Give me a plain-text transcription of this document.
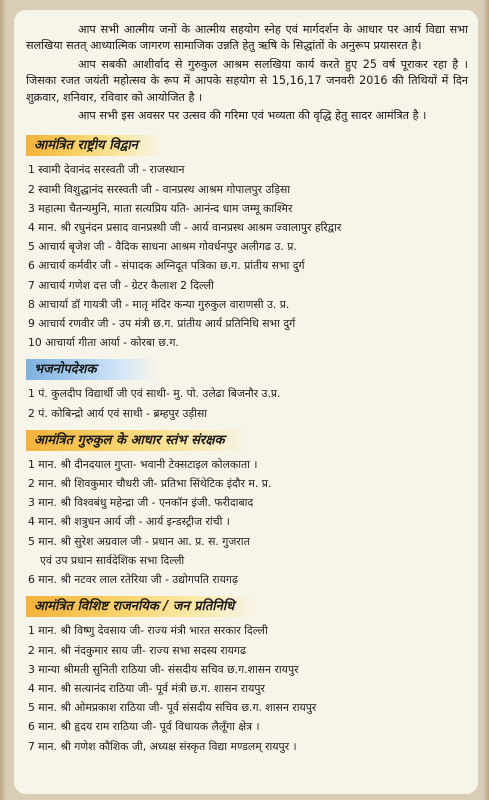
आप सभी आत्मीय जनों के आत्मीय सहयोग स्नेह एवं मार्गदर्शन के आधार पर आर्य विद्या सभा सलखिया सतत् आध्यात्मिक जागरण सामाजिक उन्नति हेतु ऋषि के सिद्धांतों के अनुरूप प्रयासरत है।

आप सबकी आशीर्वाद से गुरुकुल आश्रम सलखिया कार्य करते हुए 25 वर्ष पूराकर रहा है । जिसका रजत जयंती महोत्सव के रूप में आपके सहयोग से 15,16,17 जनवरी 2016 की तिथियों में दिन शुक्रवार, शनिवार, रविवार को आयोजित है ।

आप सभी इस अवसर पर उत्सव की गरिमा एवं भव्यता की वृद्धि हेतु सादर आमंत्रित है ।

आमंत्रित राष्ट्रीय विद्वान
1 स्वामी देवानंद सरस्वती जी - राजस्थान
2 स्वामी विशुद्धानंद सरस्वती जी - वानप्रस्थ आश्रम गोपालपुर उड़िसा
3 महात्मा चैतन्यमुनि, माता सत्यप्रिय यति- आनंन्द धाम जम्मू काश्मिर
4 मान. श्री रघुनंदन प्रसाद वानप्रस्थी जी - आर्य वानप्रस्थ आश्रम ज्वालापुर हरिद्वार
5 आचार्य बृजेश जी - वैदिक साधना आश्रम गोवर्धनपुर अलीगढ उ. प्र.
6 आचार्य कर्मवीर जी - संपादक अग्निदूत पत्रिका छ.ग. प्रांतीय सभा दुर्ग
7 आचार्य गणेश दत्त जी - ग्रेटर कैलाश 2 दिल्ली
8 आचार्या डॉ गायत्री जी - मातृ मंदिर कन्या गुरुकुल वाराणसी उ. प्र.
9 आचार्य रणवीर जी - उप मंत्री छ.ग. प्रांतीय आर्य प्रतिनिधि सभा दुर्ग
10 आचार्या गीता आर्या - कोरबा छ.ग.
भजनोपदेशक
1 पं. कुलदीप विद्यार्थी जी एवं साथी- मु. पो. उलेढा बिजनौर उ.प्र.
2 पं. कोबिन्द्रो आर्य एवं साथी - ब्रम्हपुर उड़ीसा
आमंत्रित गुरुकुल के आधार स्तंभ संरक्षक
1 मान. श्री दीनदयाल गुप्ता- भवानी टेक्सटाइल कोलकाता ।
2 मान. श्री शिवकुमार चौधरी जी- प्रतिभा सिंथेटिक इंदौर म. प्र.
3 मान. श्री विश्वबंधु महेन्द्रा जी - एनकॉन इंजी. फरीदाबाद
4 मान. श्री शत्रुधन आर्य जी - आर्य इन्डस्ट्रीज रांची ।
5 मान. श्री सुरेश अग्रवाल जी - प्रधान आ. प्र. स. गुजरात
एवं उप प्रधान सार्वदेशिक सभा दिल्ली
6 मान. श्री नटवर लाल रतेरिया जी - उद्योगपति रायगढ़
आमंत्रित विशिष्ट राजनयिक / जन प्रतिनिधि
1 मान. श्री विष्णु देवसाय जी- राज्य मंत्री भारत सरकार दिल्ली
2 मान. श्री नंदकुमार साय जी- राज्य सभा सदस्य रायगढ
3 मान्या श्रीमती सुनिती राठिया जी- संसदीय सचिव छ.ग.शासन रायपुर
4 मान. श्री सत्यानंद राठिया जी- पूर्व मंत्री छ.ग. शासन रायपुर
5 मान. श्री ओमप्रकाश राठिया जी- पूर्व संसदीय सचिव छ.ग. शासन रायपुर
6 मान. श्री हृदय राम राठिया जी- पूर्व विधायक लैलूँगा क्षेत्र ।
7 मान. श्री गणेश कौशिक जी, अध्यक्ष संस्कृत विद्या मण्डलम् रायपुर ।
